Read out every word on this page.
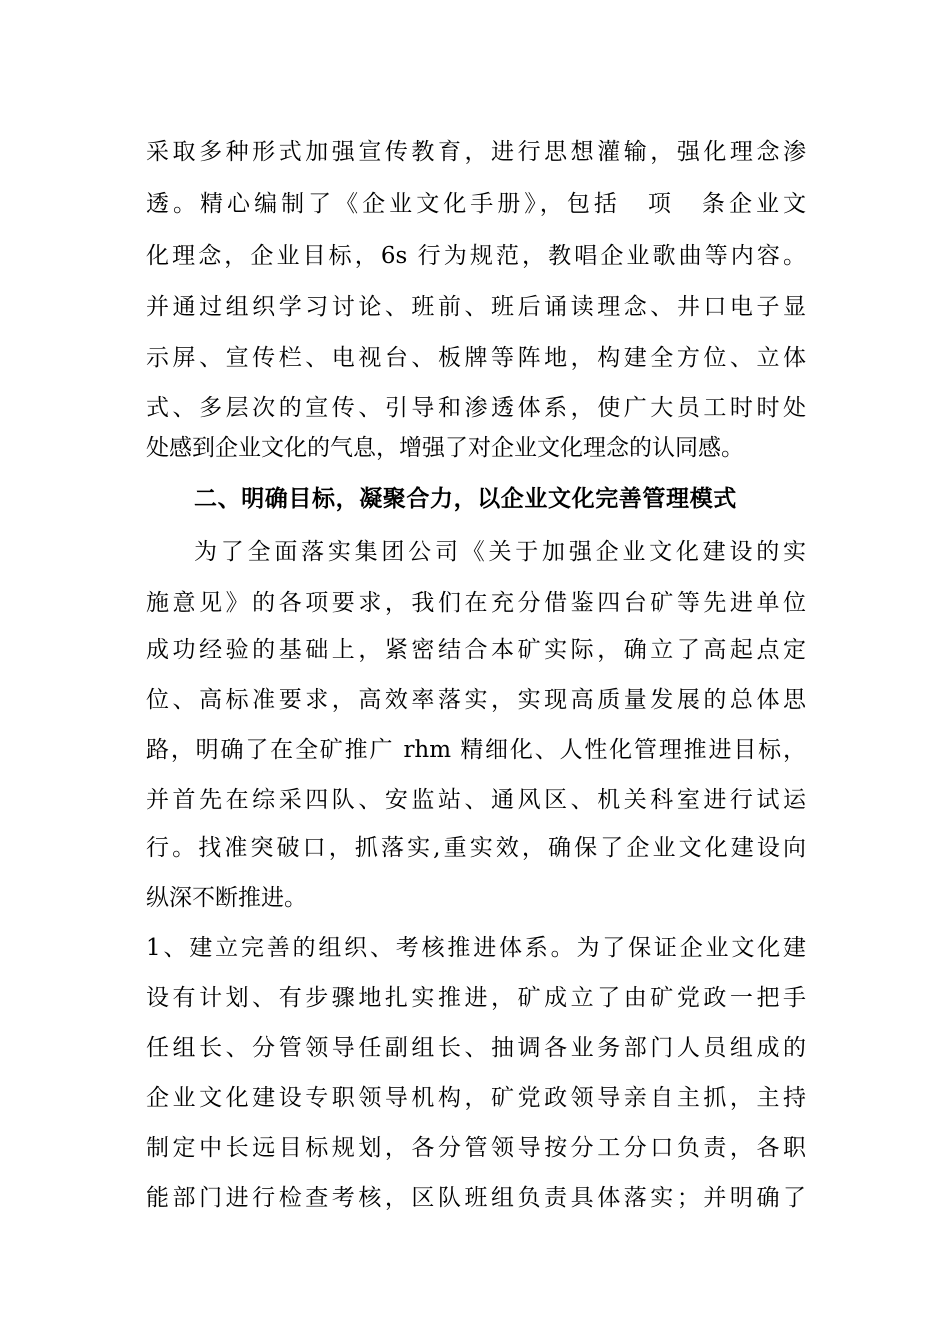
采取多种形式加强宣传教育，进行思想灌输，强化理念渗
透。精心编制了《企业文化手册》，包括　项　条企业文
化理念，企业目标，6s 行为规范，教唱企业歌曲等内容。
并通过组织学习讨论、班前、班后诵读理念、井口电子显
示屏、宣传栏、电视台、板牌等阵地，构建全方位、立体
式、多层次的宣传、引导和渗透体系，使广大员工时时处
处感到企业文化的气息，增强了对企业文化理念的认同感。
二、明确目标，凝聚合力，以企业文化完善管理模式
为了全面落实集团公司《关于加强企业文化建设的实
施意见》的各项要求，我们在充分借鉴四台矿等先进单位
成功经验的基础上，紧密结合本矿实际，确立了高起点定
位、高标准要求，高效率落实，实现高质量发展的总体思
路，明确了在全矿推广 rhm 精细化、人性化管理推进目标，
并首先在综采四队、安监站、通风区、机关科室进行试运
行。找准突破口，抓落实,重实效，确保了企业文化建设向
纵深不断推进。
1、建立完善的组织、考核推进体系。为了保证企业文化建
设有计划、有步骤地扎实推进，矿成立了由矿党政一把手
任组长、分管领导任副组长、抽调各业务部门人员组成的
企业文化建设专职领导机构，矿党政领导亲自主抓，主持
制定中长远目标规划，各分管领导按分工分口负责，各职
能部门进行检查考核，区队班组负责具体落实；并明确了
